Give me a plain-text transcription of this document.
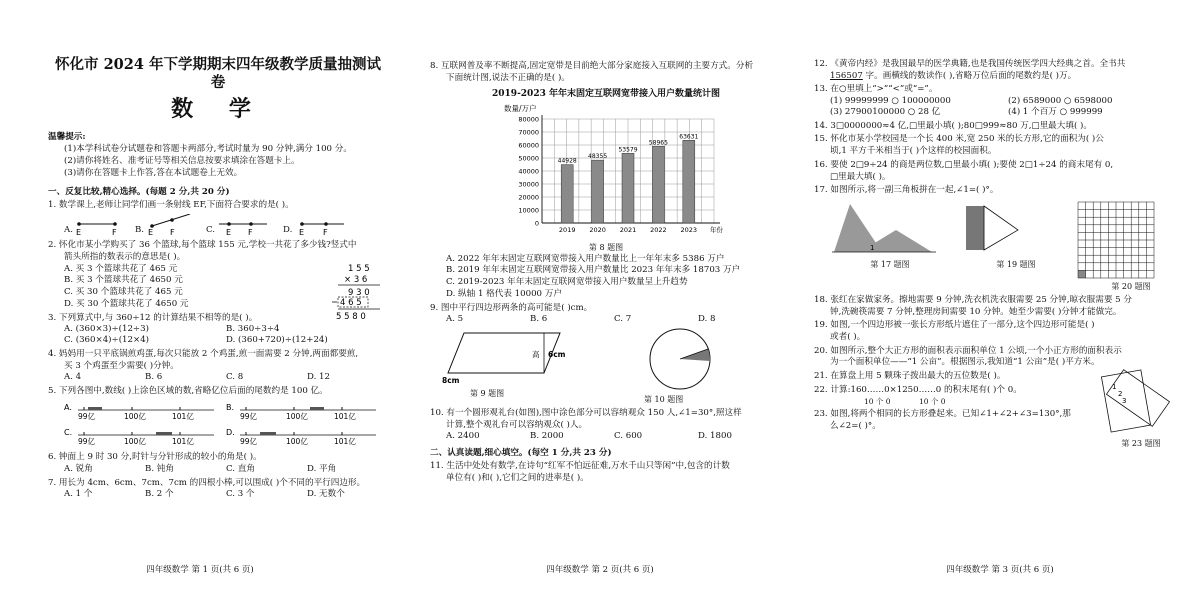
怀化市 2024 年下学期期末四年级教学质量抽测试卷
数 学
温馨提示:
(1)本学科试卷分试题卷和答题卡两部分,考试时量为 90 分钟,满分 100 分。
(2)请你将姓名、准考证号等相关信息按要求填涂在答题卡上。
(3)请你在答题卡上作答,答在本试题卷上无效。
一、反复比较,精心选择。(每题 2 分,共 20 分)
1. 数学课上,老师让同学们画一条射线 EF,下面符合要求的是( )。
A. E	F B. E F	C. E F	D. E F
2. 怀化市某小学购买了 36 个篮球,每个篮球 155 元,学校一共花了多少钱?竖式中
箭头所指的数表示的意思是( )。
A. 买 3 个篮球共花了 465 元
B. 买 3 个篮球共花了 4650 元
C. 买 30 个篮球共花了 465 元
D. 买 30 个篮球共花了 4650 元
1 5 5
× 3 6
9 3 0
4 6 5
5 5 8 0
3. 下列算式中,与 360÷12 的计算结果不相等的是( )。
A. (360×3)÷(12÷3)	B. 360÷3÷4
C. (360×4)÷(12×4)	D. (360+720)÷(12+24)
4. 妈妈用一只平底锅煎鸡蛋,每次只能放 2 个鸡蛋,煎一面需要 2 分钟,两面都要煎,
买 3 个鸡蛋至少需要( )分钟。
A. 4	B. 6	C. 8	D. 12
5. 下列各图中,数线( )上涂色区域的数,省略亿位后面的尾数约是 100 亿。
A.
99亿	100亿	101亿
B.
99亿	100亿	101亿
C.
99亿	100亿	101亿
D.
99亿	100亿	101亿
6. 钟面上 9 时 30 分,时针与分针形成的较小的角是( )。
A. 锐角	B. 钝角	C. 直角	D. 平角
7. 用长为 4cm、6cm、7cm、7cm 的四根小棒,可以围成( )个不同的平行四边形。
A. 1 个	B. 2 个	C. 3 个	D. 无数个
四年级数学 第 1 页(共 6 页)
8. 互联网普及率不断提高,固定宽带是目前绝大部分家庭接入互联网的主要方式。分析
下面统计图,说法不正确的是( )。
2019-2023 年年末固定互联网宽带接入用户数量统计图
数量/万户
0
10000
20000
30000
40000
50000
60000
70000
80000
44928
2019
48355
2020
53579
2021
58965
2022
63631
2023 年份
第 8 题图
A. 2022 年年末固定互联网宽带接入用户数量比上一年年末多 5386 万户
B. 2019 年年末固定互联网宽带接入用户数量比 2023 年年末多 18703 万户
C. 2019-2023 年年末固定互联网宽带接入用户数量呈上升趋势
D. 纵轴 1 格代表 10000 万户
9. 图中平行四边形两条的高可能是( )cm。
A. 5	B. 6	C. 7	D. 8
高 6cm
8cm
第 9 题图
第 10 题图
10. 有一个圆形观礼台(如图),图中涂色部分可以容纳观众 150 人,∠1=30°,照这样
计算,整个观礼台可以容纳观众( )人。
A. 2400	B. 2000	C. 600	D. 1800
二、认真读题,细心填空。(每空 1 分,共 23 分)
11. 生活中处处有数学,在诗句“红军不怕远征难,万水千山只等闲”中,包含的计数
单位有( )和( ),它们之间的进率是( )。
四年级数学 第 2 页(共 6 页)
12. 《黄帝内经》是我国最早的医学典籍,也是我国传统医学四大经典之首。全书共
156507 字。画横线的数读作( ),省略万位后面的尾数约是( )万。
13. 在○里填上“>”“<”或“=”。
(1) 99999999 ○ 100000000	(2) 6589000 ○ 6598000
(3) 27900100000 ○ 28 亿	(4) 1 个百万 ○ 999999
14. 3□0000000≈4 亿,□里最小填( );80□999≈80 万,□里最大填( )。
15. 怀化市某小学校园是一个长 400 米,宽 250 米的长方形,它的面积为( )公
顷,1 平方千米相当于( )个这样的校园面积。
16. 要使 2□9÷24 的商是两位数,□里最小填( );要使 2□1÷24 的商末尾有 0,
□里最大填( )。
17. 如图所示,将一副三角板拼在一起,∠1=( )°。
1
第 17 题图	第 19 题图
第 20 题图
18. 张红在家做家务。擦地需要 9 分钟,洗衣机洗衣服需要 25 分钟,晾衣服需要 5 分
钟,洗碗筷需要 7 分钟,整理房间需要 10 分钟。她至少需要( )分钟才能做完。
19. 如图,一个四边形被一张长方形纸片遮住了一部分,这个四边形可能是( )
或者( )。
20. 如图所示,整个大正方形的面积表示面积单位 1 公顷,一个小正方形的面积表示
为一个面积单位——“1 公亩”。根据图示,我知道“1 公亩”是( )平方米。
21. 在算盘上用 5 颗珠子拨出最大的五位数是( )。
22. 计算:160……0×1250……0 的积末尾有( )个 0。
10 个 0	10 个 0
23. 如图,将两个相同的长方形叠起来。已知∠1+∠2+∠3=130°,那
么∠2=( )°。
1
2
3
第 23 题图
四年级数学 第 3 页(共 6 页)
